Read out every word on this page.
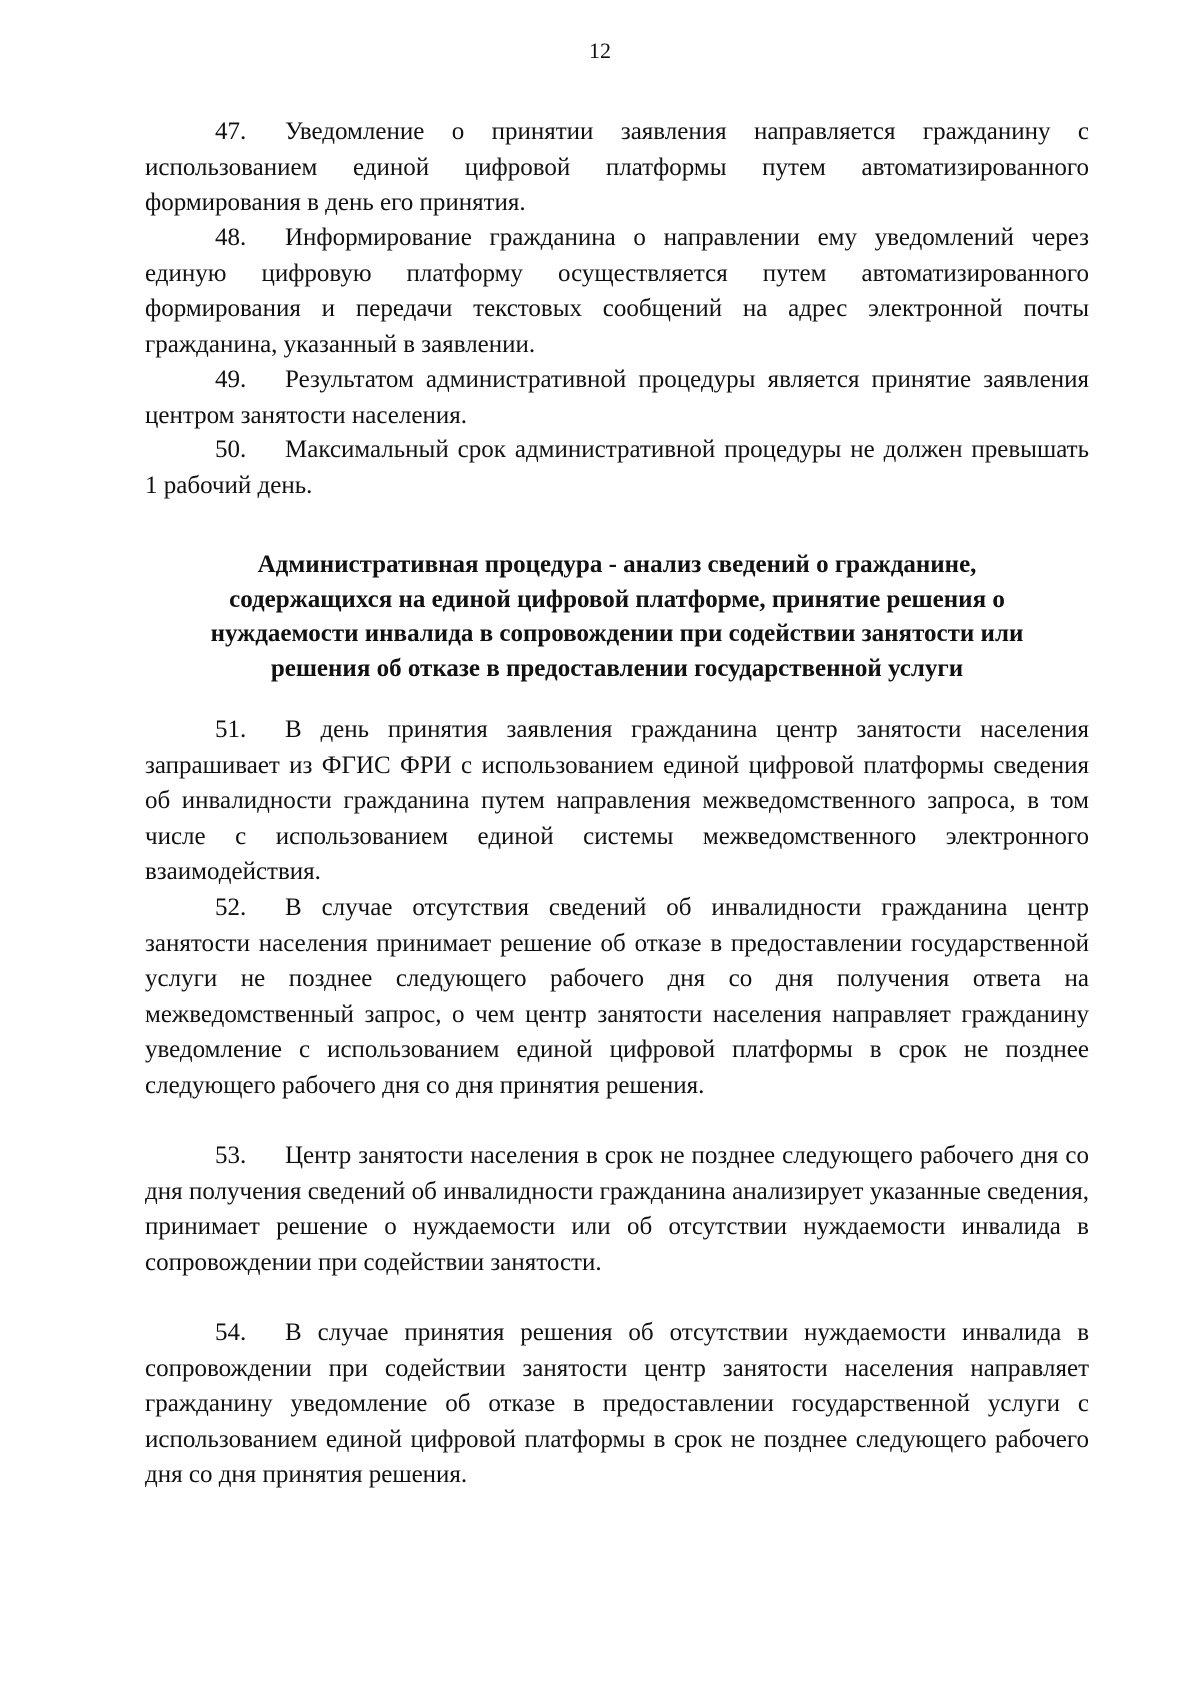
12

47. Уведомление о принятии заявления направляется гражданину с использованием единой цифровой платформы путем автоматизированного формирования в день его принятия.

48. Информирование гражданина о направлении ему уведомлений через единую цифровую платформу осуществляется путем автоматизированного формирования и передачи текстовых сообщений на адрес электронной почты гражданина, указанный в заявлении.

49. Результатом административной процедуры является принятие заявления центром занятости населения.

50. Максимальный срок административной процедуры не должен превышать 1 рабочий день.

Административная процедура - анализ сведений о гражданине,
содержащихся на единой цифровой платформе, принятие решения о
нуждаемости инвалида в сопровождении при содействии занятости или
решения об отказе в предоставлении государственной услуги

51. В день принятия заявления гражданина центр занятости населения запрашивает из ФГИС ФРИ с использованием единой цифровой платформы сведения об инвалидности гражданина путем направления межведомственного запроса, в том числе с использованием единой системы межведомственного электронного взаимодействия.

52. В случае отсутствия сведений об инвалидности гражданина центр занятости населения принимает решение об отказе в предоставлении государственной услуги не позднее следующего рабочего дня со дня получения ответа на межведомственный запрос, о чем центр занятости населения направляет гражданину уведомление с использованием единой цифровой платформы в срок не позднее следующего рабочего дня со дня принятия решения.

53. Центр занятости населения в срок не позднее следующего рабочего дня со дня получения сведений об инвалидности гражданина анализирует указанные сведения, принимает решение о нуждаемости или об отсутствии нуждаемости инвалида в сопровождении при содействии занятости.

54. В случае принятия решения об отсутствии нуждаемости инвалида в сопровождении при содействии занятости центр занятости населения направляет гражданину уведомление об отказе в предоставлении государственной услуги с использованием единой цифровой платформы в срок не позднее следующего рабочего дня со дня принятия решения.
